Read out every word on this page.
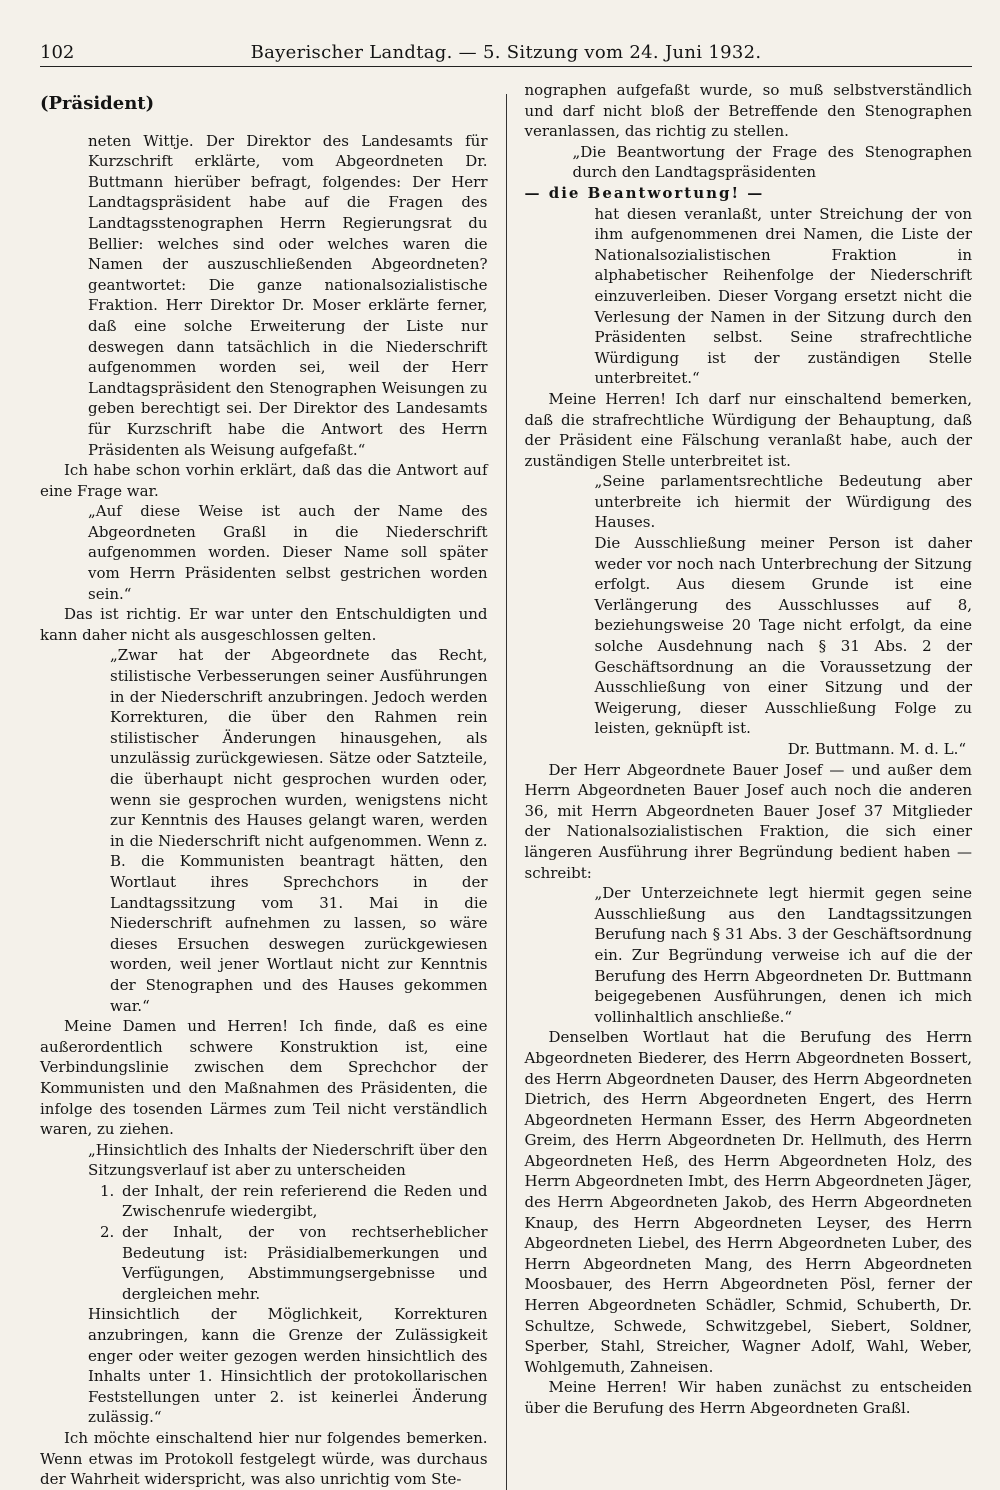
102	Bayerischer Landtag. — 5. Sitzung vom 24. Juni 1932.
(Präsident)

neten Wittje. Der Direktor des Landesamts für Kurzschrift erklärte, vom Abgeordneten Dr. Buttmann hierüber befragt, folgendes: Der Herr Landtagspräsident habe auf die Fragen des Landtagsstenographen Herrn Regierungsrat du Bellier: welches sind oder welches waren die Namen der auszuschließenden Abgeordneten? geantwortet: Die ganze nationalsozialistische Fraktion. Herr Direktor Dr. Moser erklärte ferner, daß eine solche Erweiterung der Liste nur deswegen dann tatsächlich in die Niederschrift aufgenommen worden sei, weil der Herr Landtagspräsident den Stenographen Weisungen zu geben berechtigt sei. Der Direktor des Landesamts für Kurzschrift habe die Antwort des Herrn Präsidenten als Weisung aufgefaßt.“

Ich habe schon vorhin erklärt, daß das die Antwort auf eine Frage war.

„Auf diese Weise ist auch der Name des Abgeordneten Graßl in die Niederschrift aufgenommen worden. Dieser Name soll später vom Herrn Präsidenten selbst gestrichen worden sein.“

Das ist richtig. Er war unter den Entschuldigten und kann daher nicht als ausgeschlossen gelten.

„Zwar hat der Abgeordnete das Recht, stilistische Verbesserungen seiner Ausführungen in der Niederschrift anzubringen. Jedoch werden Korrekturen, die über den Rahmen rein stilistischer Änderungen hinausgehen, als unzulässig zurückgewiesen. Sätze oder Satzteile, die überhaupt nicht gesprochen wurden oder, wenn sie gesprochen wurden, wenigstens nicht zur Kenntnis des Hauses gelangt waren, werden in die Niederschrift nicht aufgenommen. Wenn z. B. die Kommunisten beantragt hätten, den Wortlaut ihres Sprechchors in der Landtagssitzung vom 31. Mai in die Niederschrift aufnehmen zu lassen, so wäre dieses Ersuchen deswegen zurückgewiesen worden, weil jener Wortlaut nicht zur Kenntnis der Stenographen und des Hauses gekommen war.“

Meine Damen und Herren! Ich finde, daß es eine außerordentlich schwere Konstruktion ist, eine Verbindungslinie zwischen dem Sprechchor der Kommunisten und den Maßnahmen des Präsidenten, die infolge des tosenden Lärmes zum Teil nicht verständlich waren, zu ziehen.

„Hinsichtlich des Inhalts der Niederschrift über den Sitzungsverlauf ist aber zu unterscheiden

1. der Inhalt, der rein referierend die Reden und Zwischenrufe wiedergibt,
2. der Inhalt, der von rechtserheblicher Bedeutung ist: Präsidialbemerkungen und Verfügungen, Abstimmungsergebnisse und dergleichen mehr.

Hinsichtlich der Möglichkeit, Korrekturen anzubringen, kann die Grenze der Zulässigkeit enger oder weiter gezogen werden hinsichtlich des Inhalts unter 1. Hinsichtlich der protokollarischen Feststellungen unter 2. ist keinerlei Änderung zulässig.“

Ich möchte einschaltend hier nur folgendes bemerken. Wenn etwas im Protokoll festgelegt würde, was durchaus der Wahrheit widerspricht, was also unrichtig vom Ste-

nographen aufgefaßt wurde, so muß selbstverständlich und darf nicht bloß der Betreffende den Stenographen veranlassen, das richtig zu stellen.

„Die Beantwortung der Frage des Stenographen durch den Landtagspräsidenten

— die Beantwortung! —

hat diesen veranlaßt, unter Streichung der von ihm aufgenommenen drei Namen, die Liste der Nationalsozialistischen Fraktion in alphabetischer Reihenfolge der Niederschrift einzuverleiben. Dieser Vorgang ersetzt nicht die Verlesung der Namen in der Sitzung durch den Präsidenten selbst. Seine strafrechtliche Würdigung ist der zuständigen Stelle unterbreitet.“

Meine Herren! Ich darf nur einschaltend bemerken, daß die strafrechtliche Würdigung der Behauptung, daß der Präsident eine Fälschung veranlaßt habe, auch der zuständigen Stelle unterbreitet ist.

„Seine parlamentsrechtliche Bedeutung aber unterbreite ich hiermit der Würdigung des Hauses.

Die Ausschließung meiner Person ist daher weder vor noch nach Unterbrechung der Sitzung erfolgt. Aus diesem Grunde ist eine Verlängerung des Ausschlusses auf 8, beziehungsweise 20 Tage nicht erfolgt, da eine solche Ausdehnung nach § 31 Abs. 2 der Geschäftsordnung an die Voraussetzung der Ausschließung von einer Sitzung und der Weigerung, dieser Ausschließung Folge zu leisten, geknüpft ist.

Dr. Buttmann. M. d. L.“

Der Herr Abgeordnete Bauer Josef — und außer dem Herrn Abgeordneten Bauer Josef auch noch die anderen 36, mit Herrn Abgeordneten Bauer Josef 37 Mitglieder der Nationalsozialistischen Fraktion, die sich einer längeren Ausführung ihrer Begründung bedient haben — schreibt:

„Der Unterzeichnete legt hiermit gegen seine Ausschließung aus den Landtagssitzungen Berufung nach § 31 Abs. 3 der Geschäftsordnung ein. Zur Begründung verweise ich auf die der Berufung des Herrn Abgeordneten Dr. Buttmann beigegebenen Ausführungen, denen ich mich vollinhaltlich anschließe.“

Denselben Wortlaut hat die Berufung des Herrn Abgeordneten Biederer, des Herrn Abgeordneten Bossert, des Herrn Abgeordneten Dauser, des Herrn Abgeordneten Dietrich, des Herrn Abgeordneten Engert, des Herrn Abgeordneten Hermann Esser, des Herrn Abgeordneten Greim, des Herrn Abgeordneten Dr. Hellmuth, des Herrn Abgeordneten Heß, des Herrn Abgeordneten Holz, des Herrn Abgeordneten Imbt, des Herrn Abgeordneten Jäger, des Herrn Abgeordneten Jakob, des Herrn Abgeordneten Knaup, des Herrn Abgeordneten Leyser, des Herrn Abgeordneten Liebel, des Herrn Abgeordneten Luber, des Herrn Abgeordneten Mang, des Herrn Abgeordneten Moosbauer, des Herrn Abgeordneten Pösl, ferner der Herren Abgeordneten Schädler, Schmid, Schuberth, Dr. Schultze, Schwede, Schwitzgebel, Siebert, Soldner, Sperber, Stahl, Streicher, Wagner Adolf, Wahl, Weber, Wohlgemuth, Zahneisen.

Meine Herren! Wir haben zunächst zu entscheiden über die Berufung des Herrn Abgeordneten Graßl.
